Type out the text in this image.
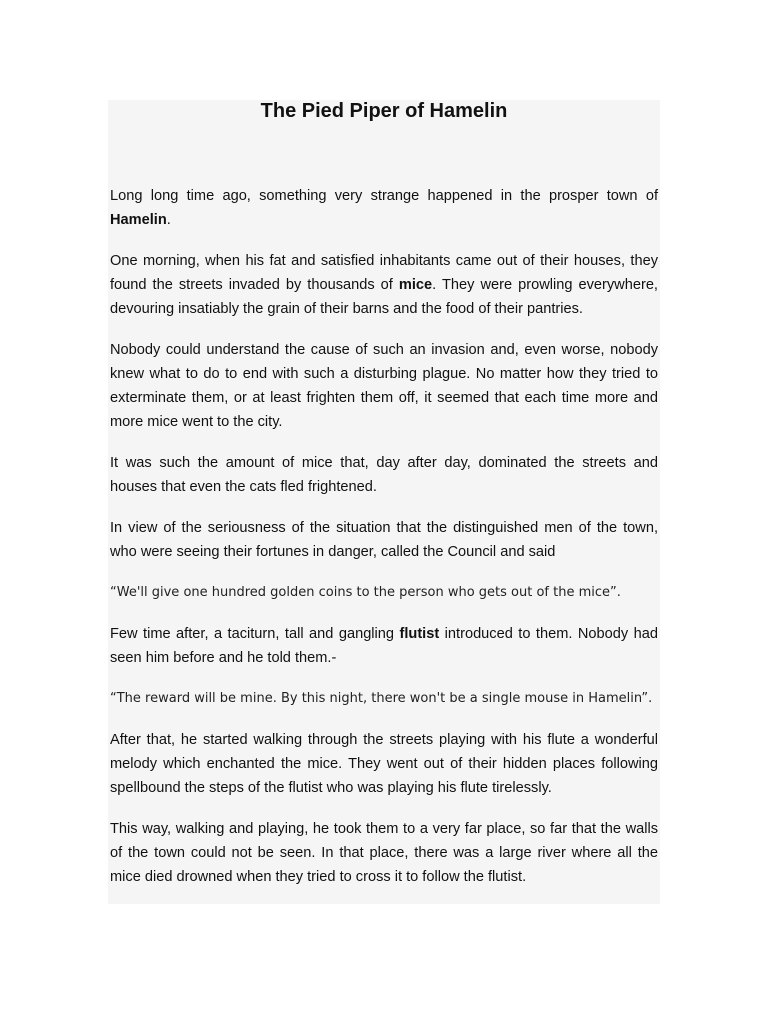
The Pied Piper of Hamelin

Long long time ago, something very strange happened in the prosper town of Hamelin.

One morning, when his fat and satisfied inhabitants came out of their houses, they found the streets invaded by thousands of mice. They were prowling everywhere, devouring insatiably the grain of their barns and the food of their pantries.

Nobody could understand the cause of such an invasion and, even worse, nobody knew what to do to end with such a disturbing plague. No matter how they tried to exterminate them, or at least frighten them off, it seemed that each time more and more mice went to the city.

It was such the amount of mice that, day after day, dominated the streets and houses that even the cats fled frightened.

In view of the seriousness of the situation that the distinguished men of the town, who were seeing their fortunes in danger, called the Council and said

“We'll give one hundred golden coins to the person who gets out of the mice”.

Few time after, a taciturn, tall and gangling flutist introduced to them. Nobody had seen him before and he told them.-

“The reward will be mine. By this night, there won't be a single mouse in Hamelin”.

After that, he started walking through the streets playing with his flute a wonderful melody which enchanted the mice. They went out of their hidden places following spellbound the steps of the flutist who was playing his flute tirelessly.

This way, walking and playing, he took them to a very far place, so far that the walls of the town could not be seen. In that place, there was a large river where all the mice died drowned when they tried to cross it to follow the flutist.
